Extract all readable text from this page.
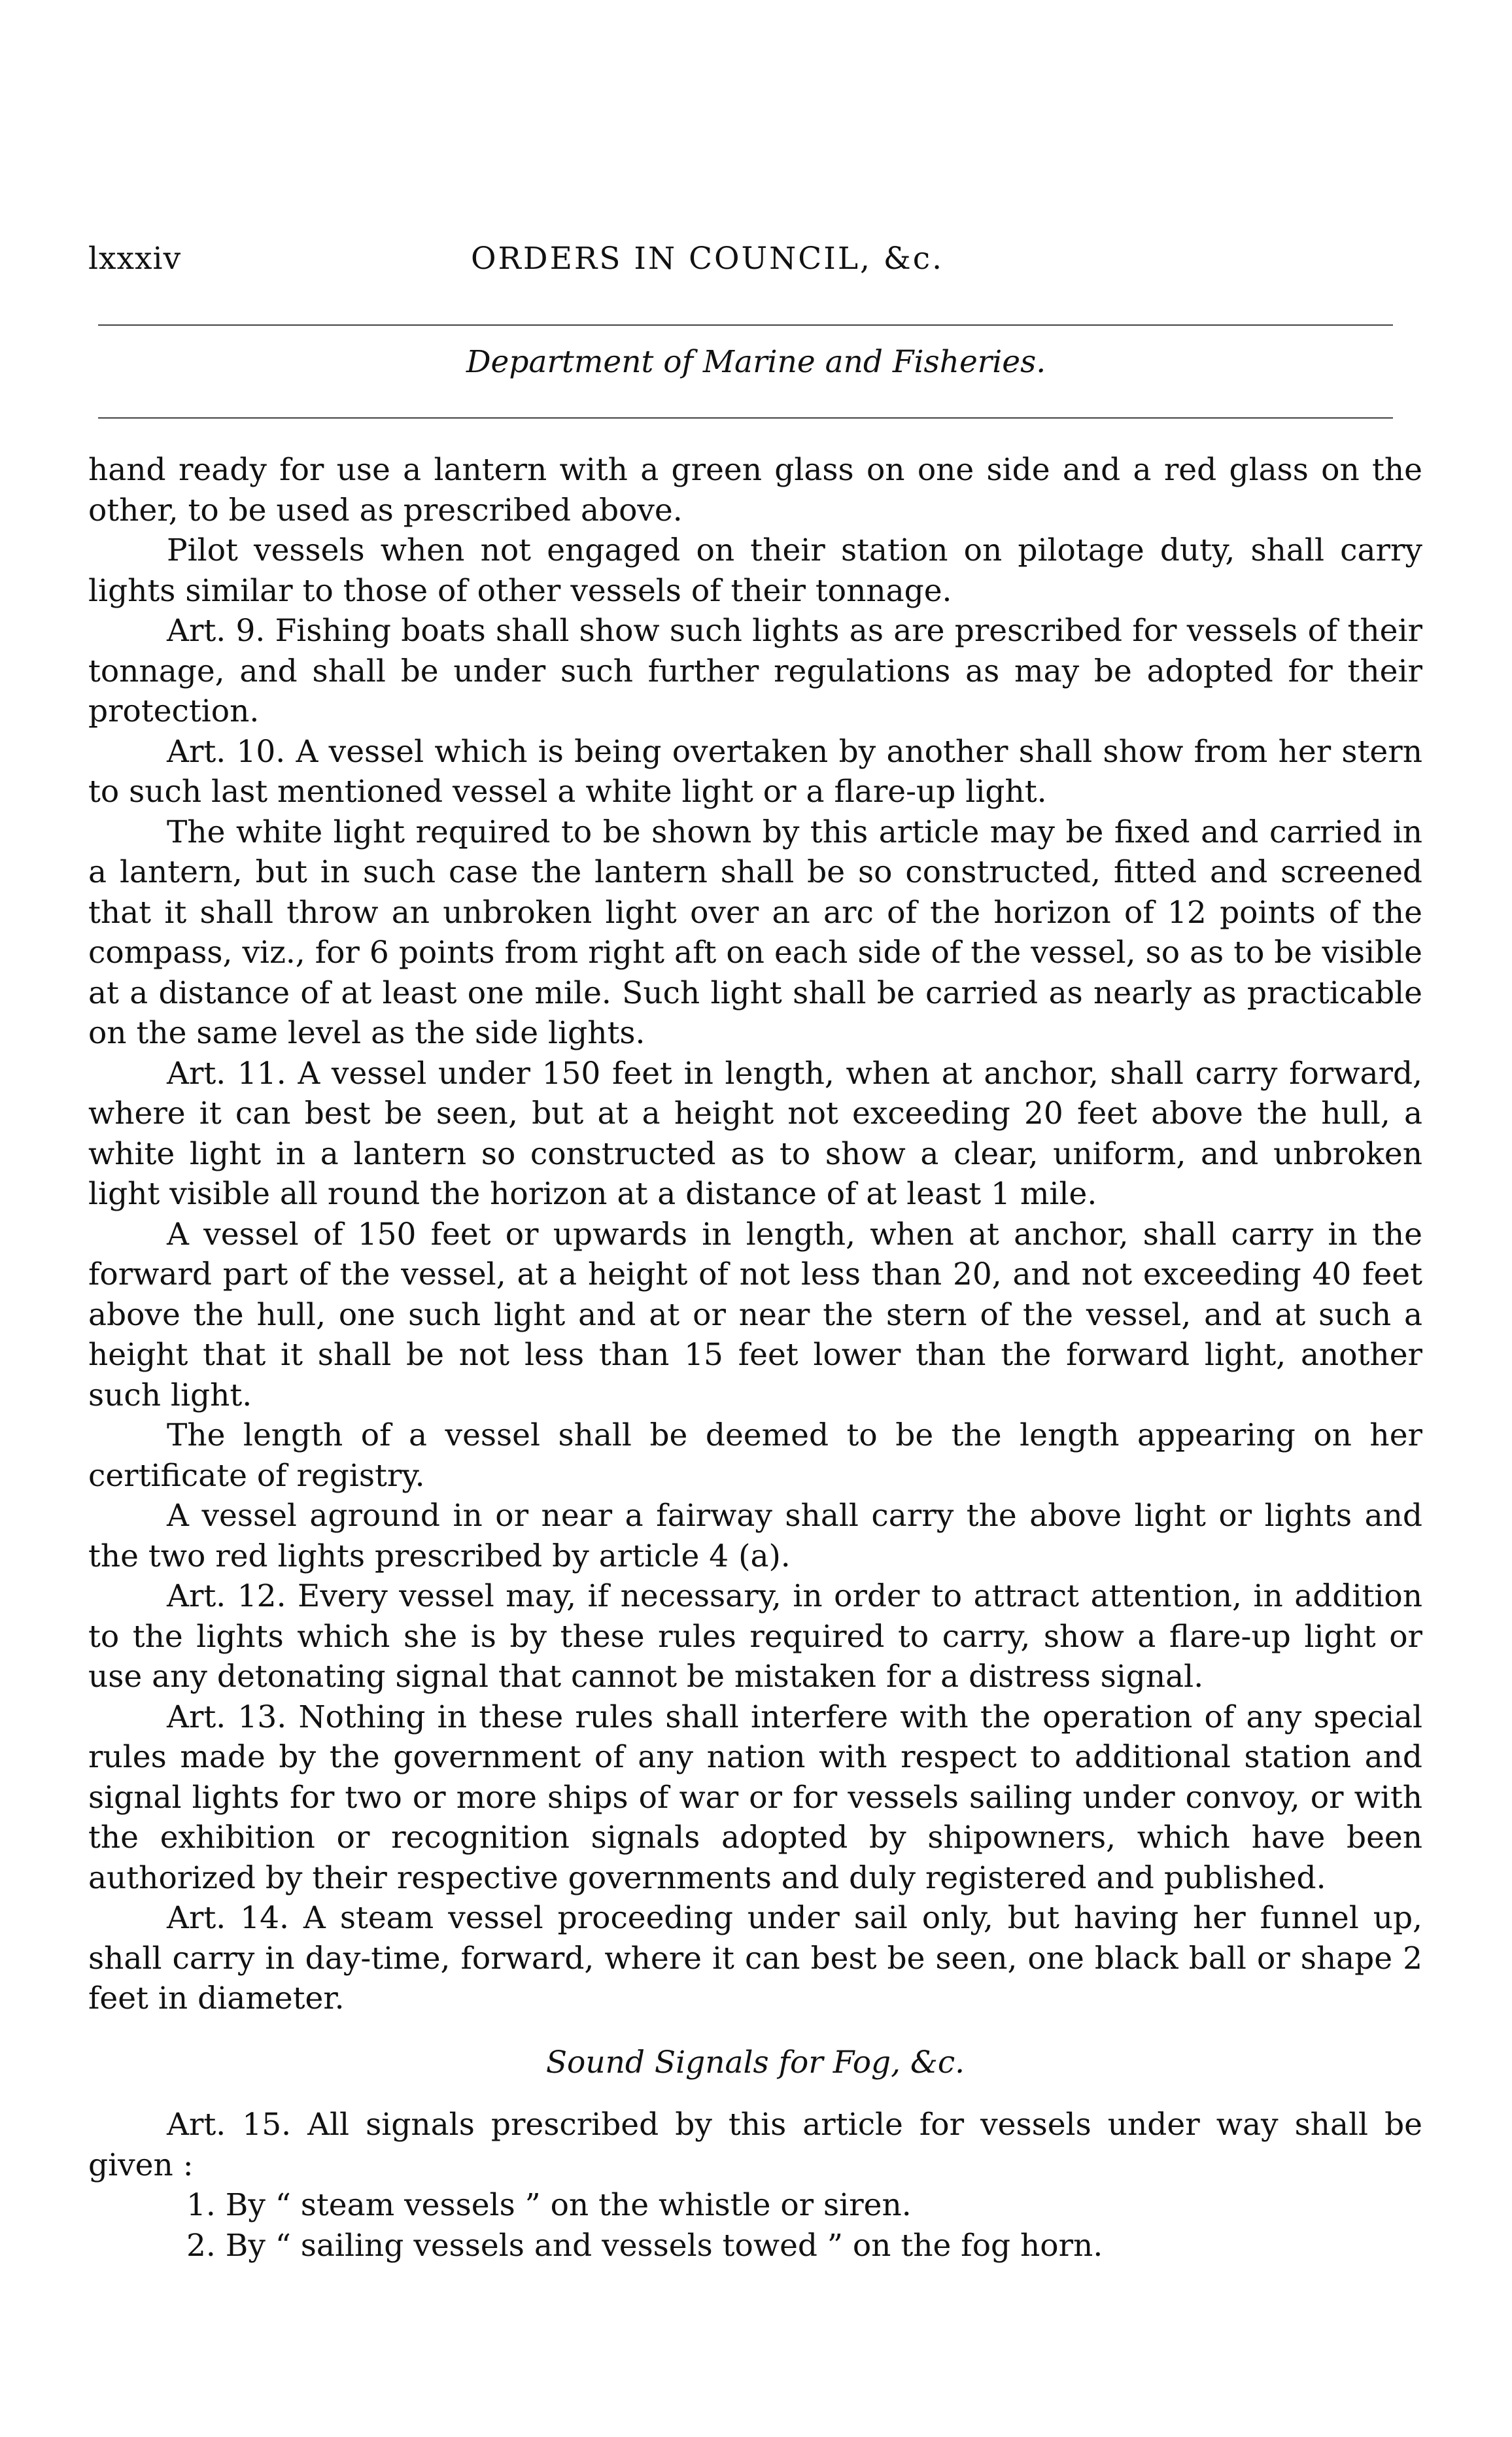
lxxxiv	ORDERS IN COUNCIL, &c.
Department of Marine and Fisheries.

hand ready for use a lantern with a green glass on one side and a red glass on the other, to be used as prescribed above.

Pilot vessels when not engaged on their station on pilotage duty, shall carry lights similar to those of other vessels of their tonnage.

Art. 9. Fishing boats shall show such lights as are prescribed for vessels of their tonnage, and shall be under such further regulations as may be adopted for their protection.

Art. 10. A vessel which is being overtaken by another shall show from her stern to such last mentioned vessel a white light or a flare-up light.

The white light required to be shown by this article may be fixed and carried in a lantern, but in such case the lantern shall be so constructed, fitted and screened that it shall throw an unbroken light over an arc of the horizon of 12 points of the compass, viz., for 6 points from right aft on each side of the vessel, so as to be visible at a distance of at least one mile. Such light shall be carried as nearly as practicable on the same level as the side lights.

Art. 11. A vessel under 150 feet in length, when at anchor, shall carry forward, where it can best be seen, but at a height not exceeding 20 feet above the hull, a white light in a lantern so constructed as to show a clear, uniform, and unbroken light visible all round the horizon at a distance of at least 1 mile.

A vessel of 150 feet or upwards in length, when at anchor, shall carry in the forward part of the vessel, at a height of not less than 20, and not exceeding 40 feet above the hull, one such light and at or near the stern of the vessel, and at such a height that it shall be not less than 15 feet lower than the forward light, another such light.

The length of a vessel shall be deemed to be the length appearing on her certificate of registry.

A vessel aground in or near a fairway shall carry the above light or lights and the two red lights prescribed by article 4 (a).

Art. 12. Every vessel may, if necessary, in order to attract attention, in addition to the lights which she is by these rules required to carry, show a flare-up light or use any detonating signal that cannot be mistaken for a distress signal.

Art. 13. Nothing in these rules shall interfere with the operation of any special rules made by the government of any nation with respect to additional station and signal lights for two or more ships of war or for vessels sailing under convoy, or with the exhibition or recognition signals adopted by shipowners, which have been authorized by their respective governments and duly registered and published.

Art. 14. A steam vessel proceeding under sail only, but having her funnel up, shall carry in day-time, forward, where it can best be seen, one black ball or shape 2 feet in diameter.

Sound Signals for Fog, &c.

Art. 15. All signals prescribed by this article for vessels under way shall be given :

1. By “ steam vessels ” on the whistle or siren.

2. By “ sailing vessels and vessels towed ” on the fog horn.
